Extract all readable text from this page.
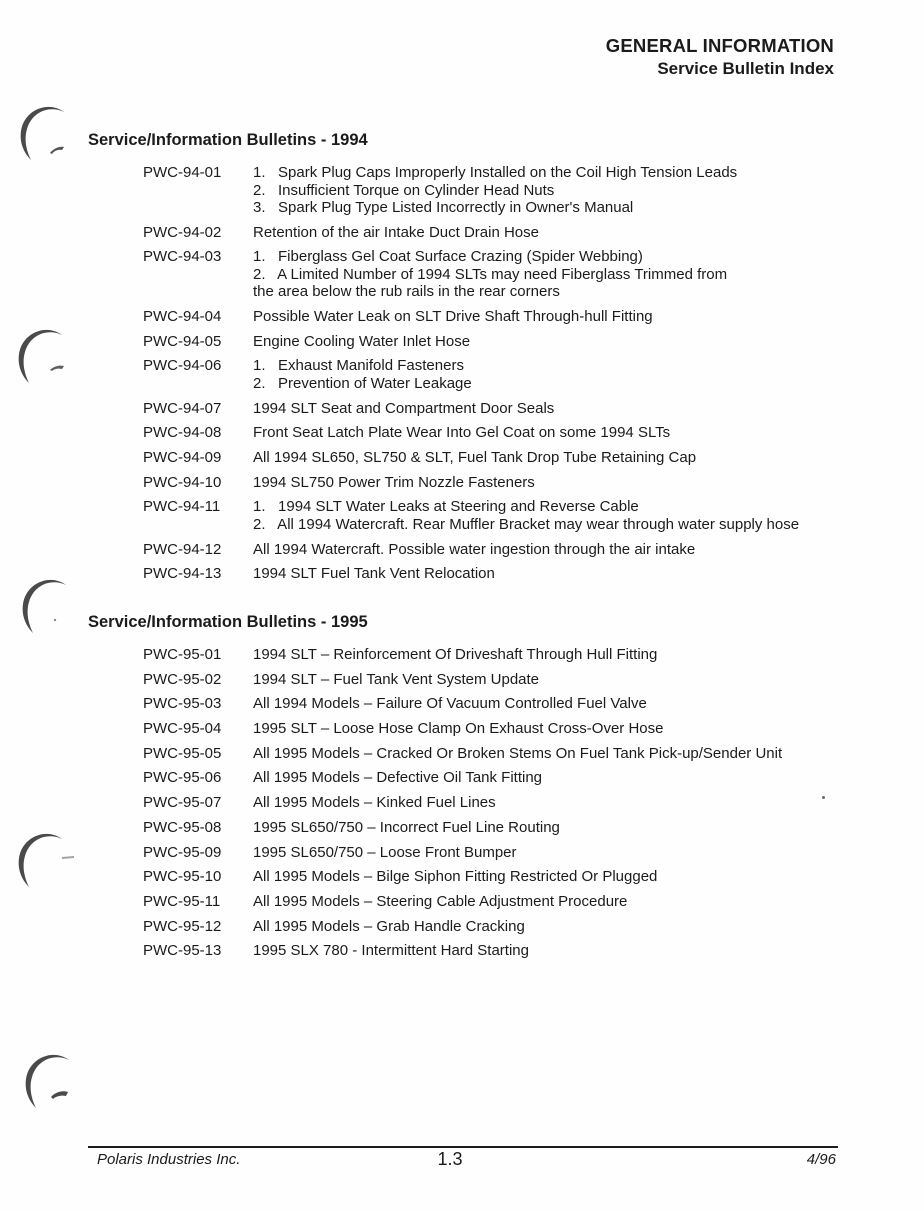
GENERAL INFORMATION
Service Bulletin Index
Service/Information Bulletins - 1994
PWC-94-01	1.   Spark Plug Caps Improperly Installed on the Coil High Tension Leads
2.   Insufficient Torque on Cylinder Head Nuts
3.   Spark Plug Type Listed Incorrectly in Owner's Manual
PWC-94-02	Retention of the air Intake Duct Drain Hose
PWC-94-03	1.   Fiberglass Gel Coat Surface Crazing (Spider Webbing)
2.   A Limited Number of 1994 SLTs may need Fiberglass Trimmed from
the area below the rub rails in the rear corners
PWC-94-04	Possible Water Leak on SLT Drive Shaft Through-hull Fitting
PWC-94-05	Engine Cooling Water Inlet Hose
PWC-94-06	1.   Exhaust Manifold Fasteners
2.   Prevention of Water Leakage
PWC-94-07	1994 SLT Seat and Compartment Door Seals
PWC-94-08	Front Seat Latch Plate Wear Into Gel Coat on some 1994 SLTs
PWC-94-09	All 1994 SL650, SL750 & SLT, Fuel Tank Drop Tube Retaining Cap
PWC-94-10	1994 SL750 Power Trim Nozzle Fasteners
PWC-94-11	1.   1994 SLT Water Leaks at Steering and Reverse Cable
2.   All 1994 Watercraft. Rear Muffler Bracket may wear through water supply hose
PWC-94-12	All 1994 Watercraft. Possible water ingestion through the air intake
PWC-94-13	1994 SLT Fuel Tank Vent Relocation
Service/Information Bulletins - 1995
PWC-95-01	1994 SLT – Reinforcement Of Driveshaft Through Hull Fitting
PWC-95-02	1994 SLT – Fuel Tank Vent System Update
PWC-95-03	All 1994 Models – Failure Of Vacuum Controlled Fuel Valve
PWC-95-04	1995 SLT – Loose Hose Clamp On Exhaust Cross-Over Hose
PWC-95-05	All 1995 Models – Cracked Or Broken Stems On Fuel Tank Pick-up/Sender Unit
PWC-95-06	All 1995 Models – Defective Oil Tank Fitting
PWC-95-07	All 1995 Models – Kinked Fuel Lines
PWC-95-08	1995 SL650/750 – Incorrect Fuel Line Routing
PWC-95-09	1995 SL650/750 – Loose Front Bumper
PWC-95-10	All 1995 Models – Bilge Siphon Fitting Restricted Or Plugged
PWC-95-11	All 1995 Models – Steering Cable Adjustment Procedure
PWC-95-12	All 1995 Models – Grab Handle Cracking
PWC-95-13	1995 SLX 780 - Intermittent Hard Starting
Polaris Industries Inc.	1.3	4/96
